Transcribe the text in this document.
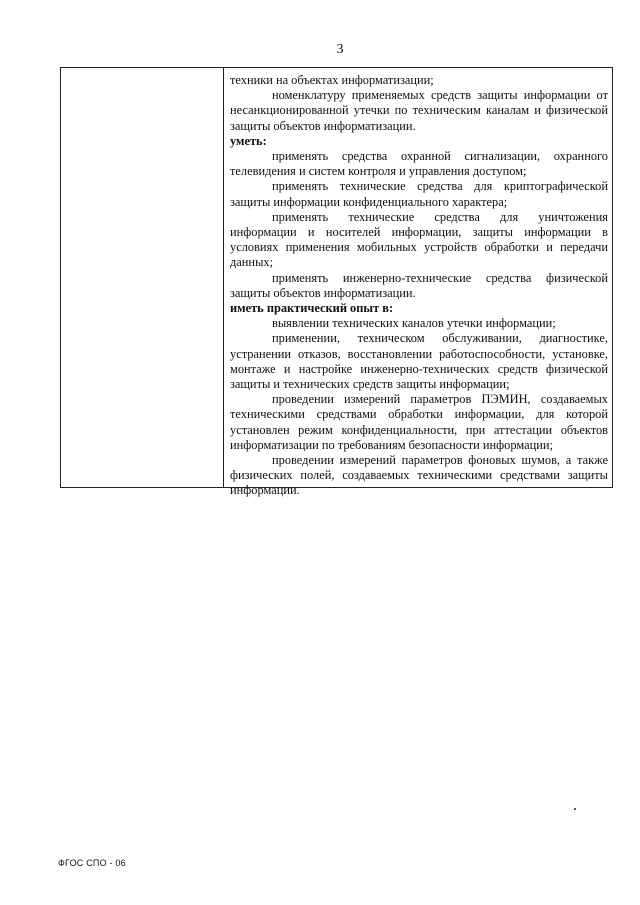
3

техники на объектах информатизации;

номенклатуру применяемых средств защиты информации от несанкционированной утечки по техническим каналам и физической защиты объектов информатизации.

уметь:

применять средства охранной сигнализации, охранного телевидения и систем контроля и управления доступом;

применять технические средства для криптографической защиты информации конфиденциального характера;

применять технические средства для уничтожения информации и носителей информации, защиты информации в условиях применения мобильных устройств обработки и передачи данных;

применять инженерно-технические средства физической защиты объектов информатизации.

иметь практический опыт в:

выявлении технических каналов утечки информации;

применении, техническом обслуживании, диагностике, устранении отказов, восстановлении работоспособности, установке, монтаже и настройке инженерно-технических средств физической защиты и технических средств защиты информации;

проведении измерений параметров ПЭМИН, создаваемых техническими средствами обработки информации, для которой установлен режим конфиденциальности, при аттестации объектов информатизации по требованиям безопасности информации;

проведении измерений параметров фоновых шумов, а также физических полей, создаваемых техническими средствами защиты информации.

ФГОС СПО - 06
